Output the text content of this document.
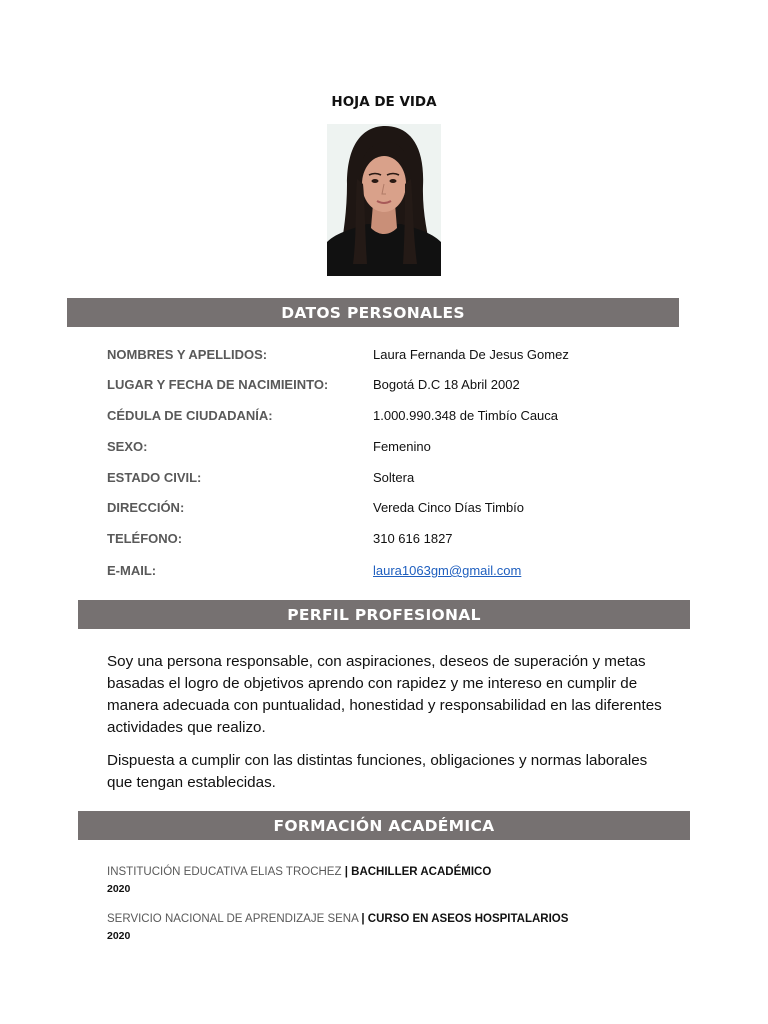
HOJA DE VIDA
DATOS PERSONALES
NOMBRES Y APELLIDOS:	Laura Fernanda De Jesus Gomez
LUGAR Y FECHA DE NACIMIEINTO:	Bogotá D.C 18 Abril 2002
CÉDULA DE CIUDADANÍA:	1.000.990.348 de Timbío Cauca
SEXO:	Femenino
ESTADO CIVIL:	Soltera
DIRECCIÓN:	Vereda Cinco Días Timbío
TELÉFONO:	310 616 1827
E-MAIL:	laura1063gm@gmail.com
PERFIL PROFESIONAL

Soy una persona responsable, con aspiraciones, deseos de superación y metas basadas el logro de objetivos aprendo con rapidez y me intereso en cumplir de manera adecuada con puntualidad, honestidad y responsabilidad en las diferentes actividades que realizo.

Dispuesta a cumplir con las distintas funciones, obligaciones y normas laborales que tengan establecidas.

FORMACIÓN ACADÉMICA
INSTITUCIÓN EDUCATIVA ELIAS TROCHEZ | BACHILLER ACADÉMICO
2020
SERVICIO NACIONAL DE APRENDIZAJE SENA | CURSO EN ASEOS HOSPITALARIOS
2020
